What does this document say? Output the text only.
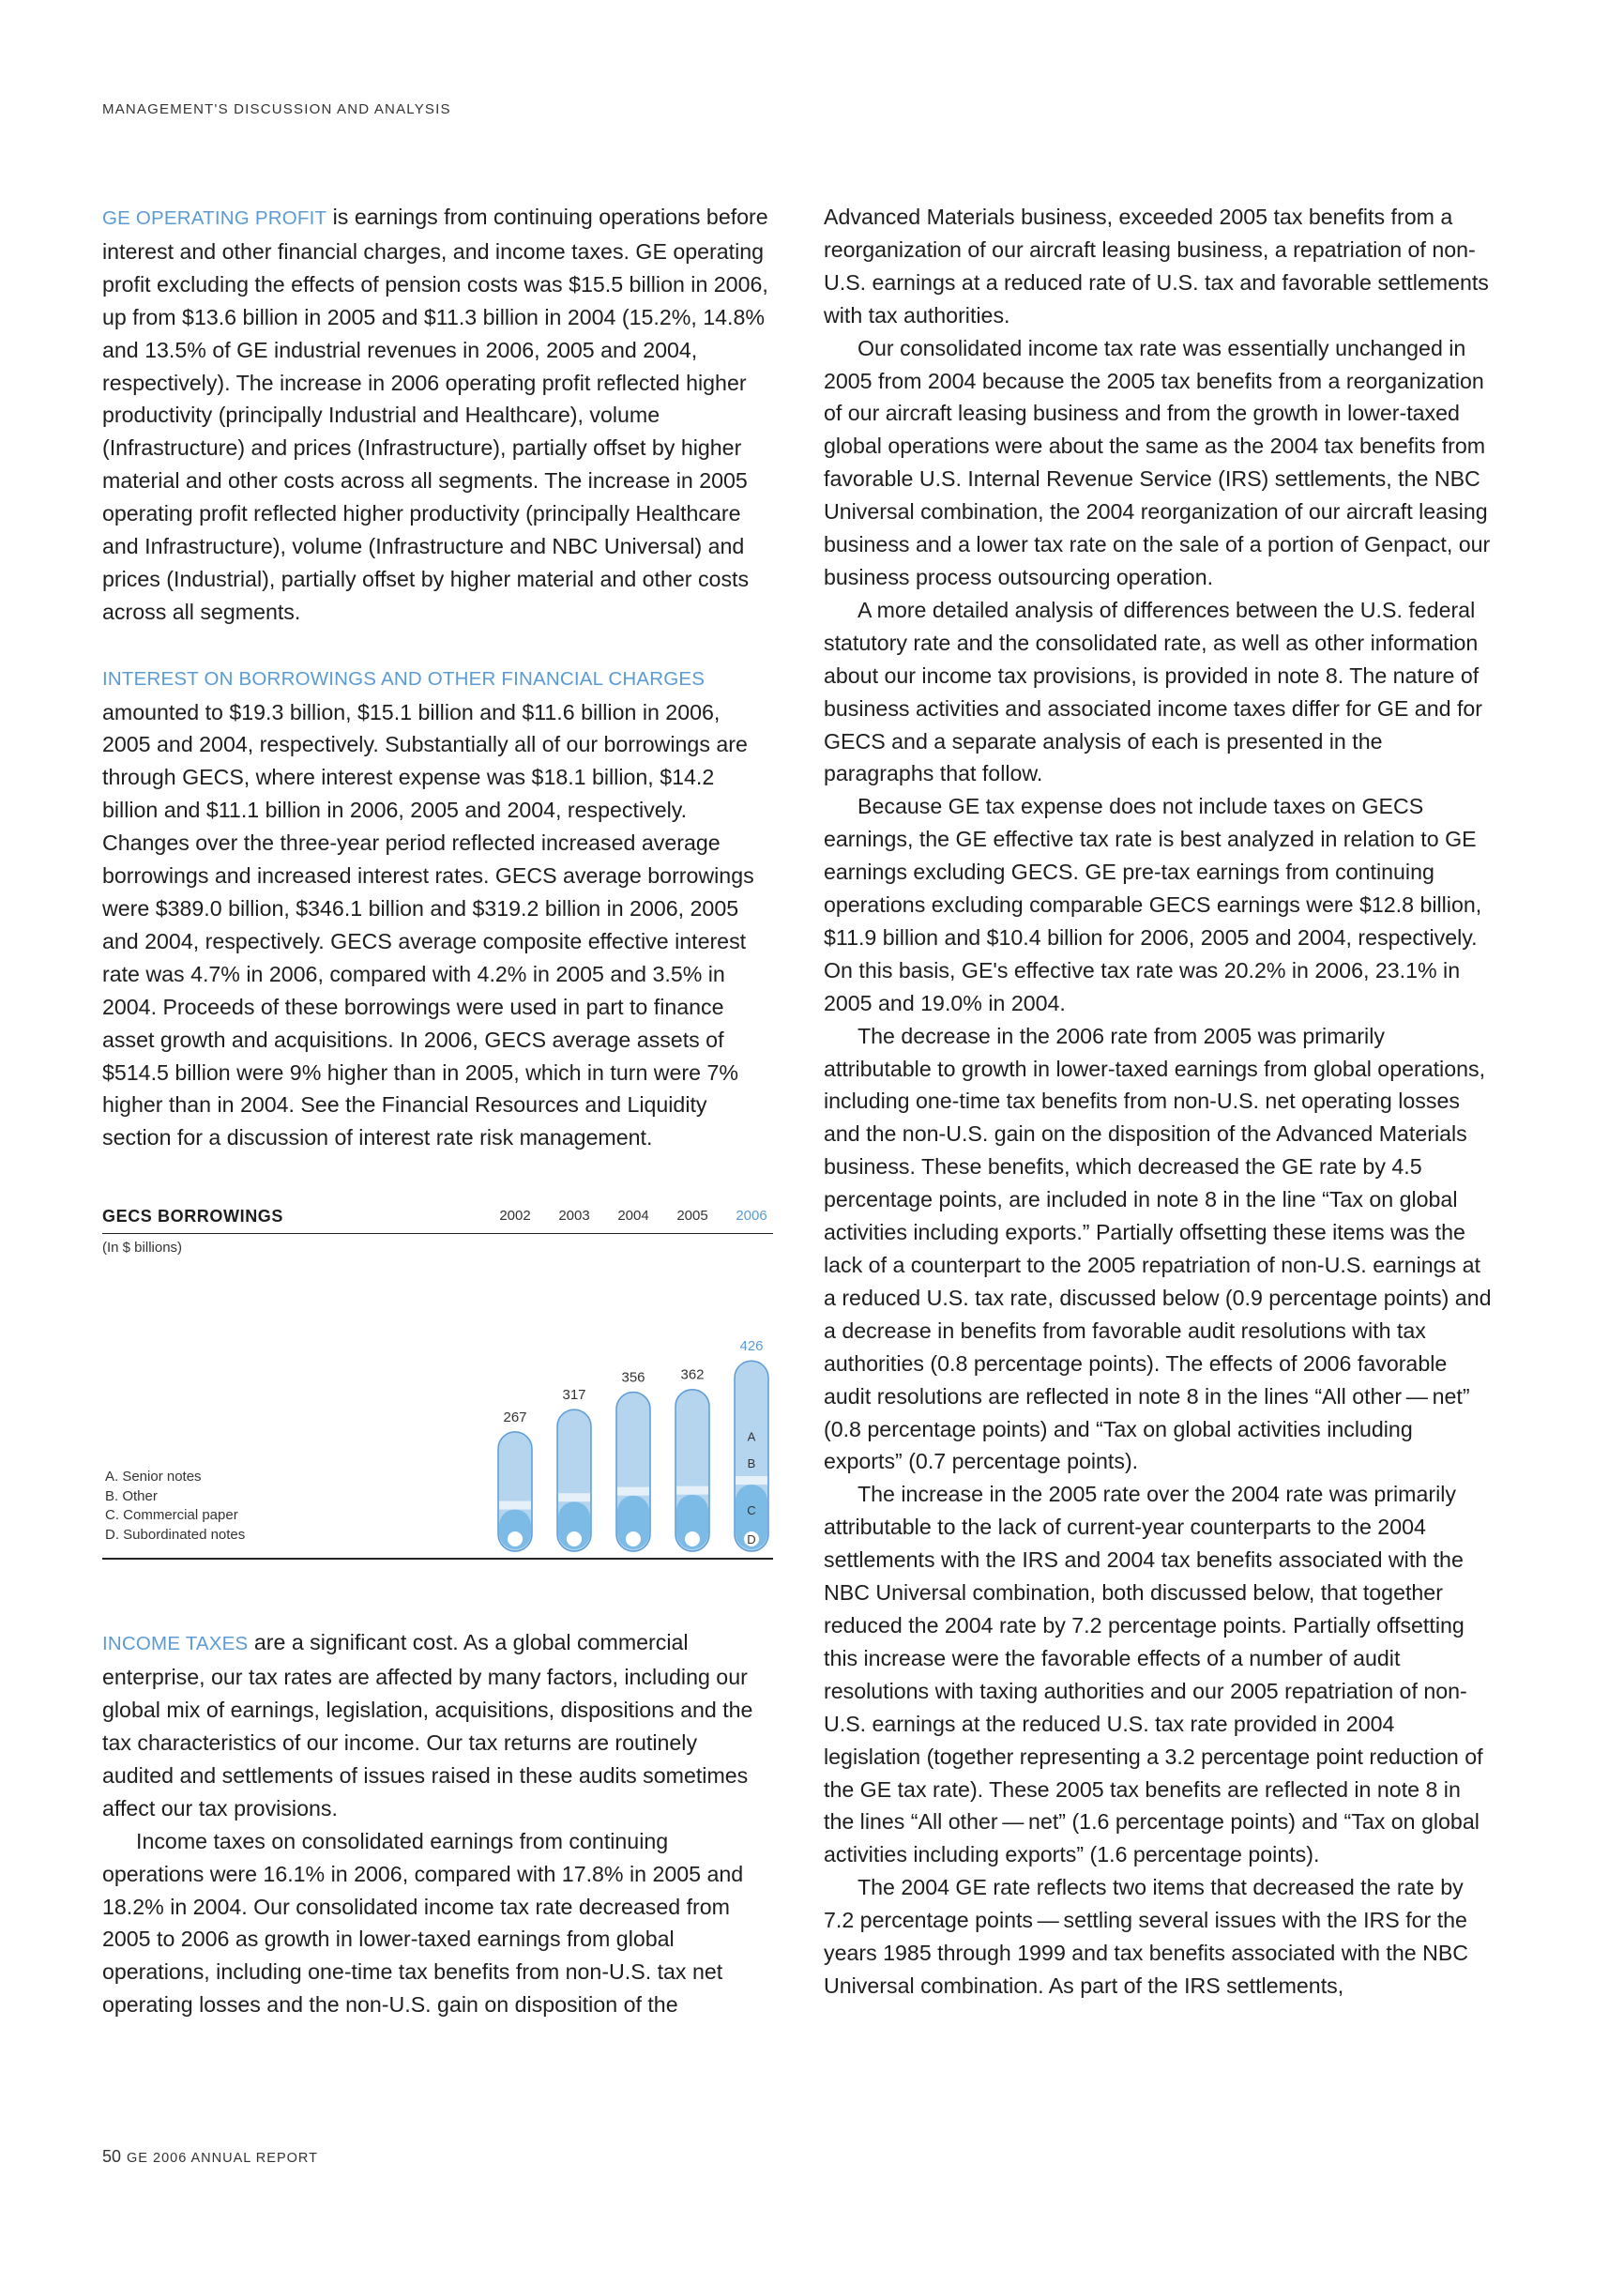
MANAGEMENT'S DISCUSSION AND ANALYSIS

GE OPERATING PROFIT is earnings from continuing operations before interest and other financial charges, and income taxes. GE operating profit excluding the effects of pension costs was $15.5 billion in 2006, up from $13.6 billion in 2005 and $11.3 billion in 2004 (15.2%, 14.8% and 13.5% of GE industrial revenues in 2006, 2005 and 2004, respectively). The increase in 2006 operating profit reflected higher productivity (principally Industrial and Healthcare), volume (Infrastructure) and prices (Infrastructure), partially offset by higher material and other costs across all segments. The increase in 2005 operating profit reflected higher productivity (principally Healthcare and Infrastructure), volume (Infrastructure and NBC Universal) and prices (Industrial), partially offset by higher material and other costs across all segments.

INTEREST ON BORROWINGS AND OTHER FINANCIAL CHARGES
amounted to $19.3 billion, $15.1 billion and $11.6 billion in 2006, 2005 and 2004, respectively. Substantially all of our borrowings are through GECS, where interest expense was $18.1 billion, $14.2 billion and $11.1 billion in 2006, 2005 and 2004, respectively. Changes over the three-year period reflected increased average borrowings and increased interest rates. GECS average borrowings were $389.0 billion, $346.1 billion and $319.2 billion in 2006, 2005 and 2004, respectively. GECS average composite effective interest rate was 4.7% in 2006, compared with 4.2% in 2005 and 3.5% in 2004. Proceeds of these borrowings were used in part to finance asset growth and acquisitions. In 2006, GECS average assets of $514.5 billion were 9% higher than in 2005, which in turn were 7% higher than in 2004. See the Financial Resources and Liquidity section for a discussion of interest rate risk management.

INCOME TAXES are a significant cost. As a global commercial enterprise, our tax rates are affected by many factors, including our global mix of earnings, legislation, acquisitions, dispositions and the tax characteristics of our income. Our tax returns are routinely audited and settlements of issues raised in these audits sometimes affect our tax provisions.

Income taxes on consolidated earnings from continuing operations were 16.1% in 2006, compared with 17.8% in 2005 and 18.2% in 2004. Our consolidated income tax rate decreased from 2005 to 2006 as growth in lower-taxed earnings from global operations, including one-time tax benefits from non-U.S. tax net operating losses and the non-U.S. gain on disposition of the

GECS BORROWINGS
(In $ billions)
2002
267
2003
317
2004
356
2005
362
2006
426
A
B
C
D
A. Senior notes
B. Other
C. Commercial paper
D. Subordinated notes

Advanced Materials business, exceeded 2005 tax benefits from a reorganization of our aircraft leasing business, a repatriation of non-U.S. earnings at a reduced rate of U.S. tax and favorable settlements with tax authorities.

Our consolidated income tax rate was essentially unchanged in 2005 from 2004 because the 2005 tax benefits from a reorganization of our aircraft leasing business and from the growth in lower-taxed global operations were about the same as the 2004 tax benefits from favorable U.S. Internal Revenue Service (IRS) settlements, the NBC Universal combination, the 2004 reorganization of our aircraft leasing business and a lower tax rate on the sale of a portion of Genpact, our business process outsourcing operation.

A more detailed analysis of differences between the U.S. federal statutory rate and the consolidated rate, as well as other information about our income tax provisions, is provided in note 8. The nature of business activities and associated income taxes differ for GE and for GECS and a separate analysis of each is presented in the paragraphs that follow.

Because GE tax expense does not include taxes on GECS earnings, the GE effective tax rate is best analyzed in relation to GE earnings excluding GECS. GE pre-tax earnings from continuing operations excluding comparable GECS earnings were $12.8 billion, $11.9 billion and $10.4 billion for 2006, 2005 and 2004, respectively. On this basis, GE's effective tax rate was 20.2% in 2006, 23.1% in 2005 and 19.0% in 2004.

The decrease in the 2006 rate from 2005 was primarily attributable to growth in lower-taxed earnings from global operations, including one-time tax benefits from non-U.S. net operating losses and the non-U.S. gain on the disposition of the Advanced Materials business. These benefits, which decreased the GE rate by 4.5 percentage points, are included in note 8 in the line “Tax on global activities including exports.” Partially offsetting these items was the lack of a counterpart to the 2005 repatriation of non-U.S. earnings at a reduced U.S. tax rate, discussed below (0.9 percentage points) and a decrease in benefits from favorable audit resolutions with tax authorities (0.8 percentage points). The effects of 2006 favorable audit resolutions are reflected in note 8 in the lines “All other — net” (0.8 percentage points) and “Tax on global activities including exports” (0.7 percentage points).

The increase in the 2005 rate over the 2004 rate was primarily attributable to the lack of current-year counterparts to the 2004 settlements with the IRS and 2004 tax benefits associated with the NBC Universal combination, both discussed below, that together reduced the 2004 rate by 7.2 percentage points. Partially offsetting this increase were the favorable effects of a number of audit resolutions with taxing authorities and our 2005 repatriation of non-U.S. earnings at the reduced U.S. tax rate provided in 2004 legislation (together representing a 3.2 percentage point reduction of the GE tax rate). These 2005 tax benefits are reflected in note 8 in the lines “All other — net” (1.6 percentage points) and “Tax on global activities including exports” (1.6 percentage points).

The 2004 GE rate reflects two items that decreased the rate by 7.2 percentage points — settling several issues with the IRS for the years 1985 through 1999 and tax benefits associated with the NBC Universal combination. As part of the IRS settlements,

50 GE 2006 ANNUAL REPORT
